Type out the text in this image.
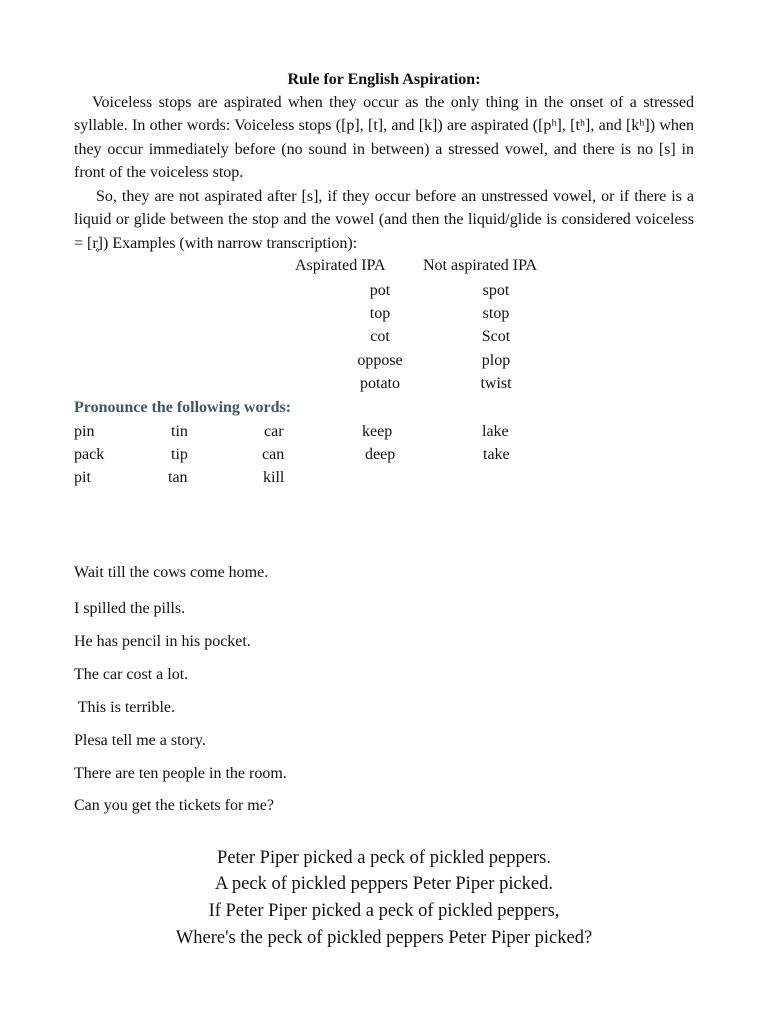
Rule for English Aspiration:
Voiceless stops are aspirated when they occur as the only thing in the onset of a stressed syllable. In other words: Voiceless stops ([p], [t], and [k]) are aspirated ([pʰ], [tʰ], and [kʰ]) when they occur immediately before (no sound in between) a stressed vowel, and there is no [s] in front of the voiceless stop.
So, they are not aspirated after [s], if they occur before an unstressed vowel, or if there is a liquid or glide between the stop and the vowel (and then the liquid/glide is considered voiceless = [r̥]) Examples (with narrow transcription):
Aspirated IPA	Not aspirated IPA
pot	spot
top	stop
cot	Scot
oppose	plop
potato	twist
Pronounce the following words:
pin	tin	car	keep	lake
pack	tip	can	deep	take
pit	tan	kill
Wait till the cows come home.
I spilled the pills.
He has pencil in his pocket.
The car cost a lot.
This is terrible.
Plesa tell me a story.
There are ten people in the room.
Can you get the tickets for me?
Peter Piper picked a peck of pickled peppers.
A peck of pickled peppers Peter Piper picked.
If Peter Piper picked a peck of pickled peppers,
Where's the peck of pickled peppers Peter Piper picked?
